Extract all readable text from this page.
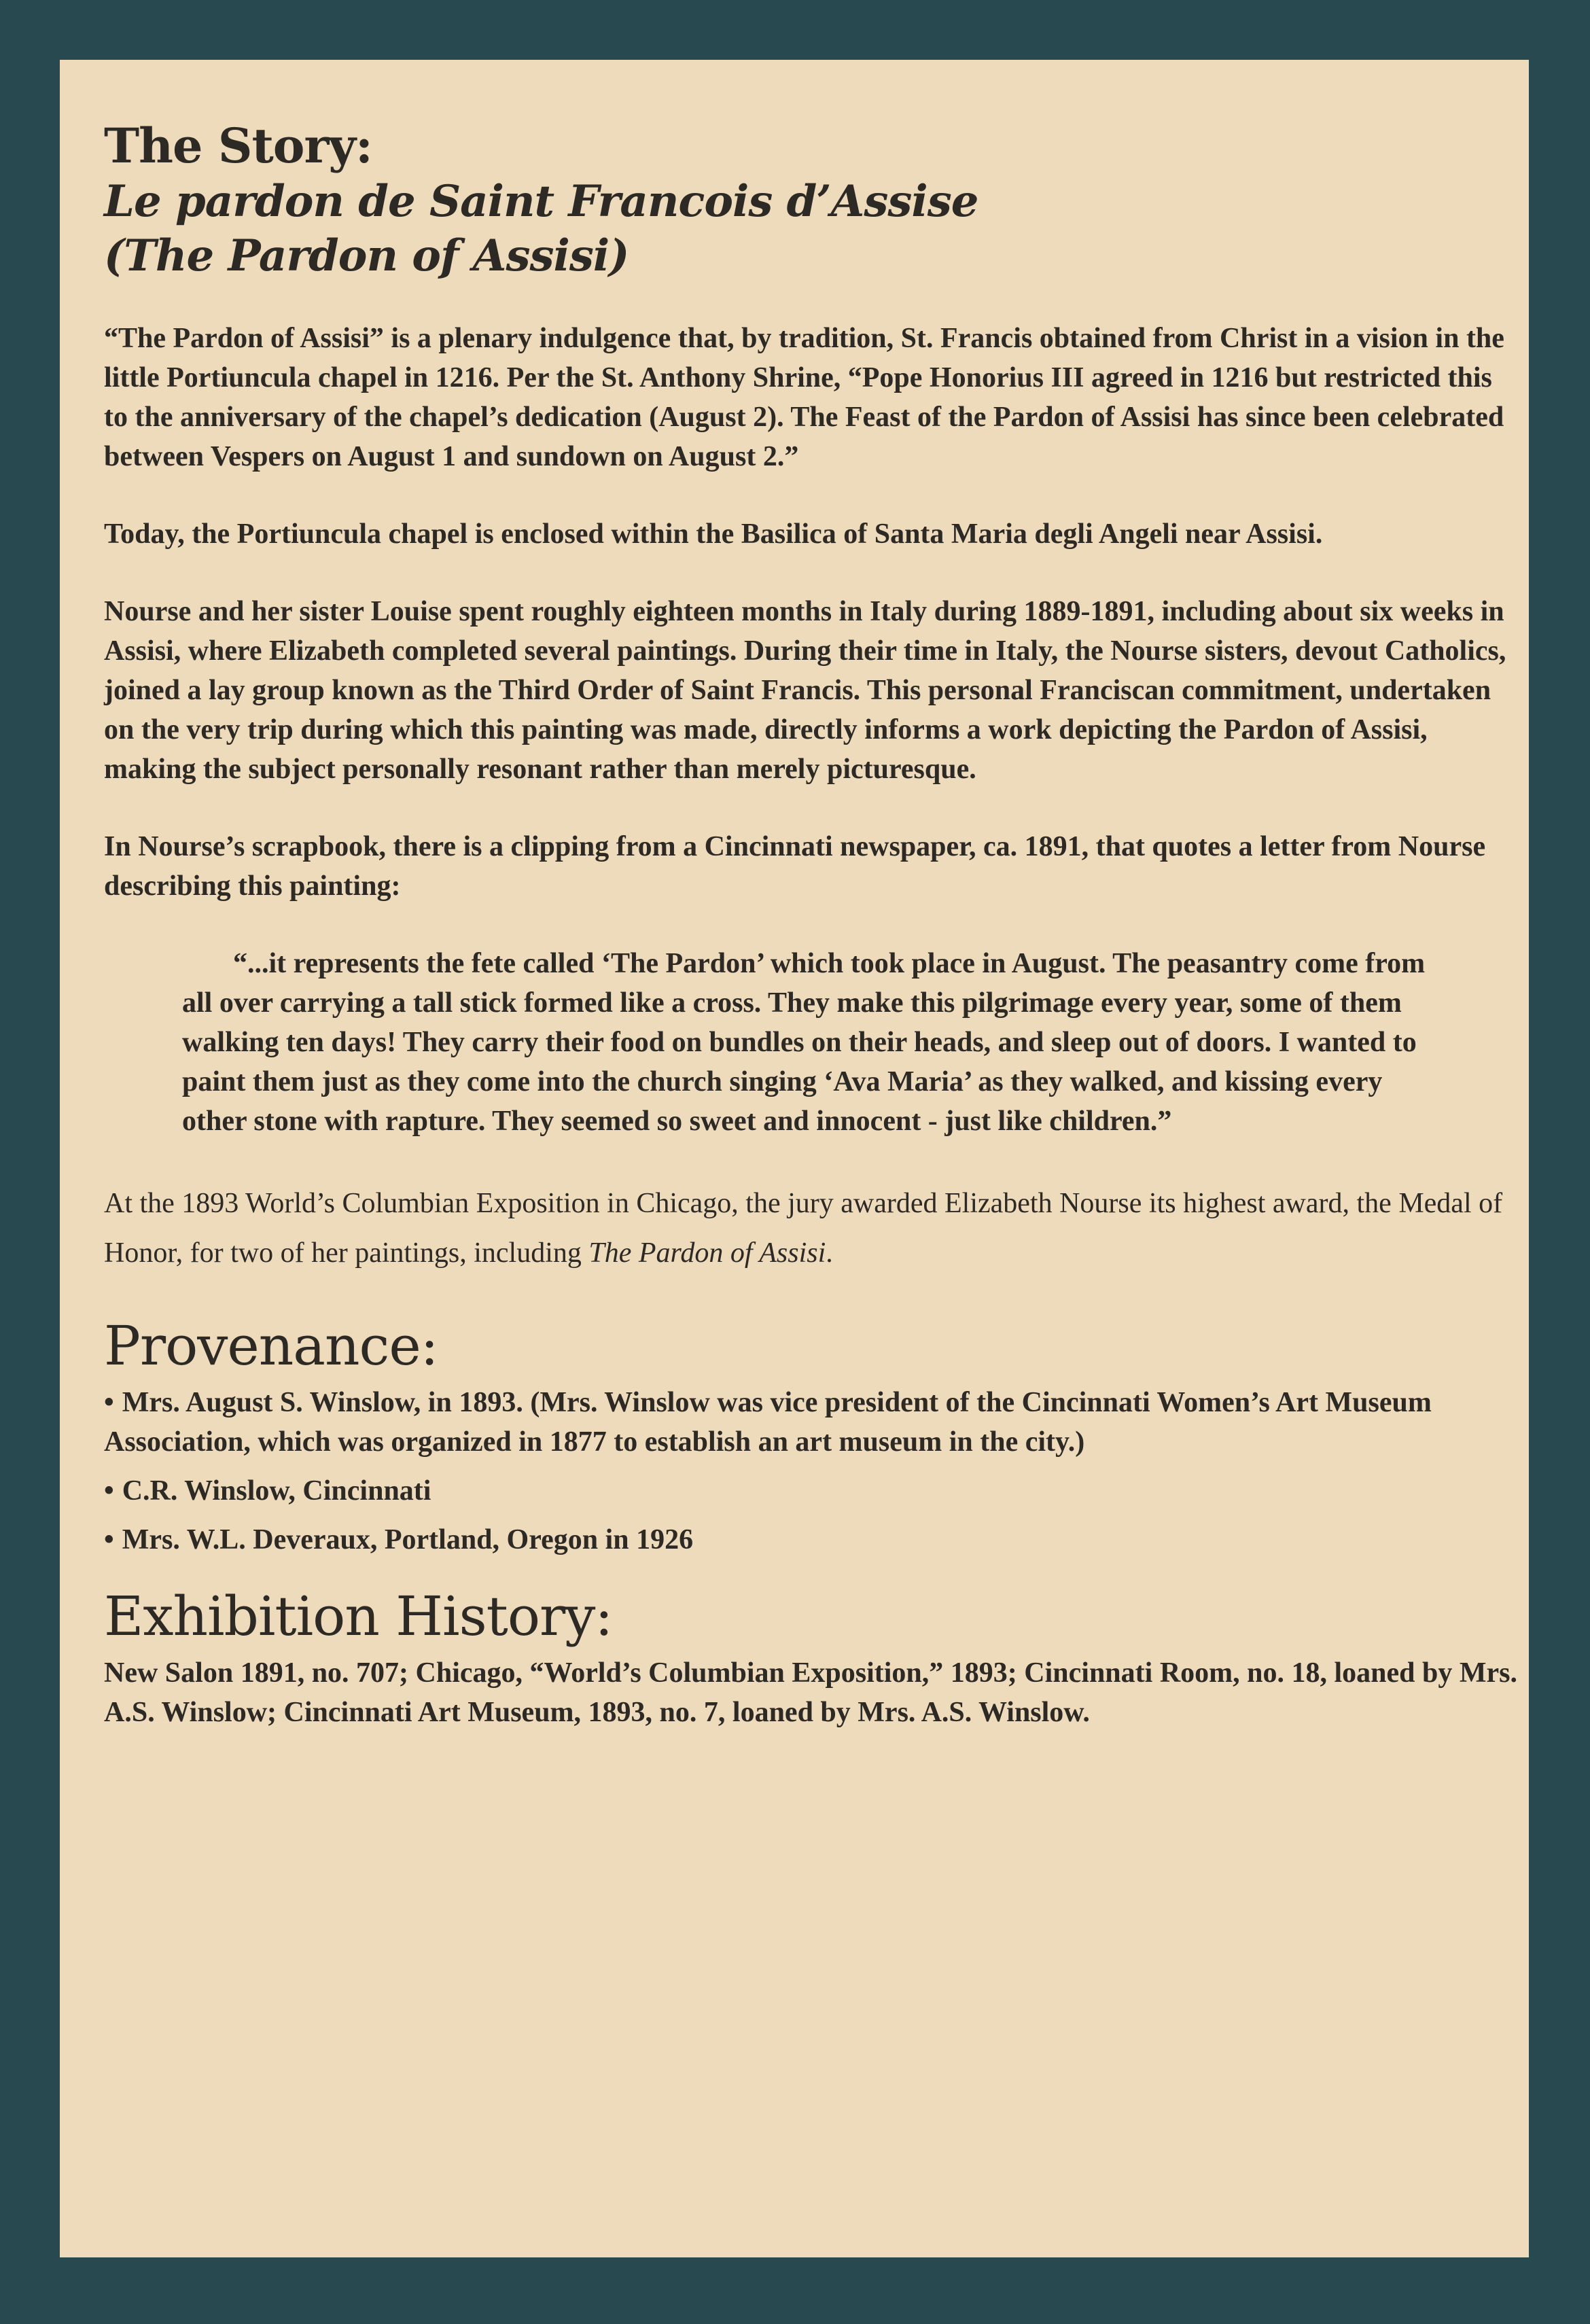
The Story:
Le pardon de Saint Francois d’Assise
(The Pardon of Assisi)

“The Pardon of Assisi” is a plenary indulgence that, by tradition, St. Francis obtained from Christ in a vision in the little Portiuncula chapel in 1216. Per the St. Anthony Shrine, “Pope Honorius III agreed in 1216 but restricted this to the anniversary of the chapel’s dedication (August 2). The Feast of the Pardon of Assisi has since been celebrated between Vespers on August 1 and sundown on August 2.”

Today, the Portiuncula chapel is enclosed within the Basilica of Santa Maria degli Angeli near Assisi.

Nourse and her sister Louise spent roughly eighteen months in Italy during 1889-1891, including about six weeks in Assisi, where Elizabeth completed several paintings. During their time in Italy, the Nourse sisters, devout Catholics, joined a lay group known as the Third Order of Saint Francis. This personal Franciscan commitment, undertaken on the very trip during which this painting was made, directly informs a work depicting the Pardon of Assisi, making the subject personally resonant rather than merely picturesque.

In Nourse’s scrapbook, there is a clipping from a Cincinnati newspaper, ca. 1891, that quotes a letter from Nourse describing this painting:

“...it represents the fete called ‘The Pardon’ which took place in August. The peasantry come from all over carrying a tall stick formed like a cross. They make this pilgrimage every year, some of them walking ten days! They carry their food on bundles on their heads, and sleep out of doors. I wanted to paint them just as they come into the church singing ‘Ava Maria’ as they walked, and kissing every other stone with rapture. They seemed so sweet and innocent - just like children.”

At the 1893 World’s Columbian Exposition in Chicago, the jury awarded Elizabeth Nourse its highest award, the Medal of Honor, for two of her paintings, including The Pardon of Assisi.

Provenance:
• Mrs. August S. Winslow, in 1893. (Mrs. Winslow was vice president of the Cincinnati Women’s Art Museum Association, which was organized in 1877 to establish an art museum in the city.)
• C.R. Winslow, Cincinnati
• Mrs. W.L. Deveraux, Portland, Oregon in 1926
Exhibition History:

New Salon 1891, no. 707; Chicago, “World’s Columbian Exposition,” 1893; Cincinnati Room, no. 18, loaned by Mrs. A.S. Winslow; Cincinnati Art Museum, 1893, no. 7, loaned by Mrs. A.S. Winslow.
